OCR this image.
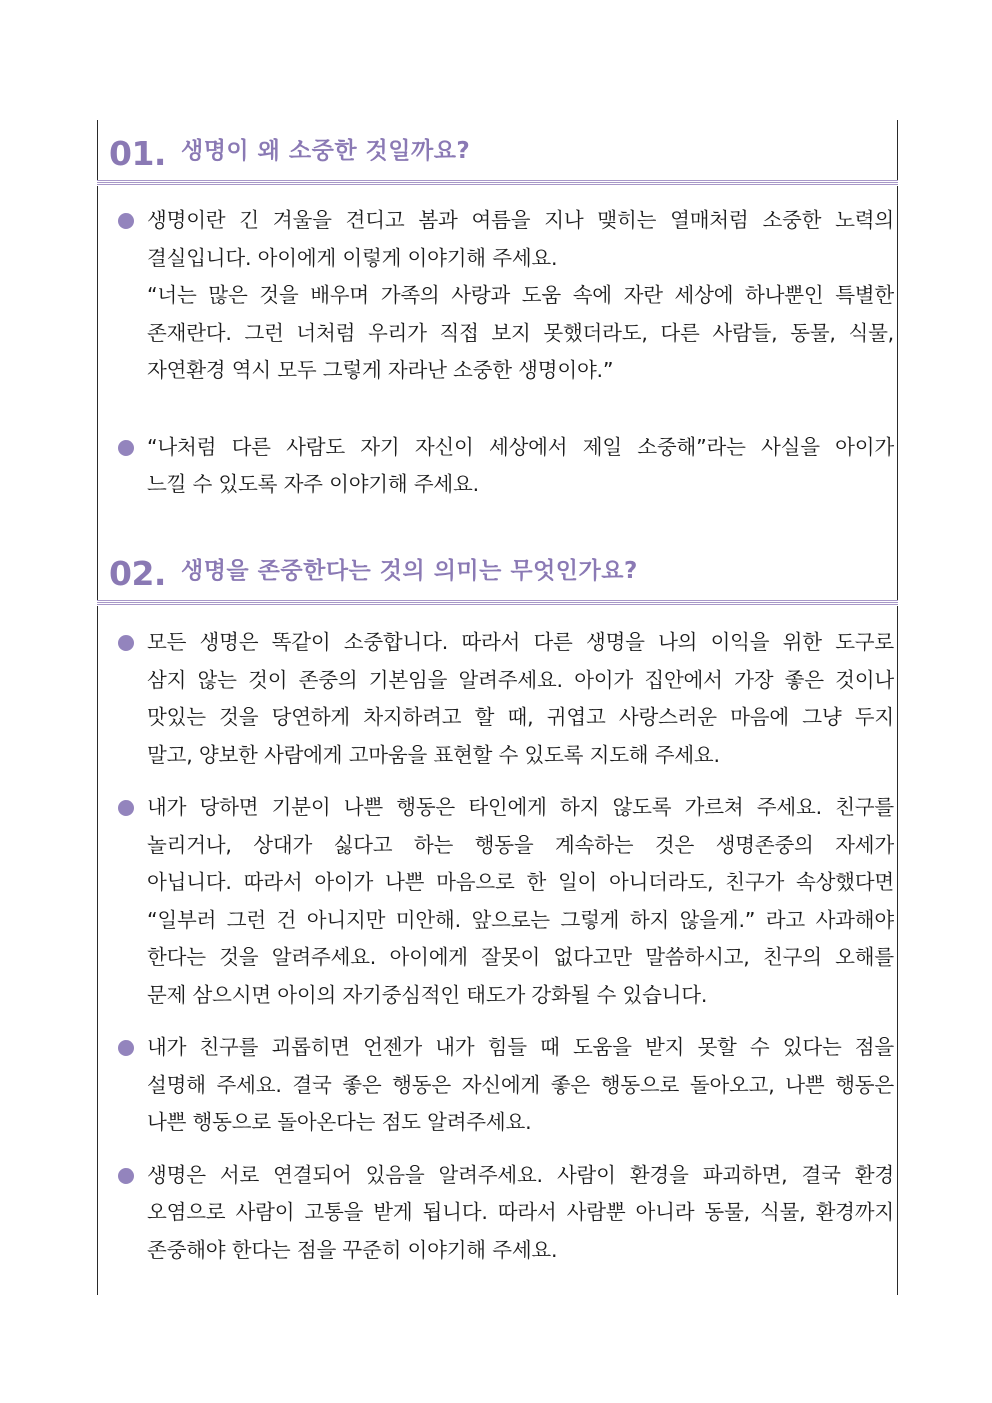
01. 생명이 왜 소중한 것일까요?
생명이란 긴 겨울을 견디고 봄과 여름을 지나 맺히는 열매처럼 소중한 노력의
결실입니다. 아이에게 이렇게 이야기해 주세요.
“너는 많은 것을 배우며 가족의 사랑과 도움 속에 자란 세상에 하나뿐인 특별한
존재란다. 그런 너처럼 우리가 직접 보지 못했더라도, 다른 사람들, 동물, 식물,
자연환경 역시 모두 그렇게 자라난 소중한 생명이야.”
“나처럼 다른 사람도 자기 자신이 세상에서 제일 소중해”라는 사실을 아이가
느낄 수 있도록 자주 이야기해 주세요.
02. 생명을 존중한다는 것의 의미는 무엇인가요?
모든 생명은 똑같이 소중합니다. 따라서 다른 생명을 나의 이익을 위한 도구로
삼지 않는 것이 존중의 기본임을 알려주세요. 아이가 집안에서 가장 좋은 것이나
맛있는 것을 당연하게 차지하려고 할 때, 귀엽고 사랑스러운 마음에 그냥 두지
말고, 양보한 사람에게 고마움을 표현할 수 있도록 지도해 주세요.
내가 당하면 기분이 나쁜 행동은 타인에게 하지 않도록 가르쳐 주세요. 친구를
놀리거나, 상대가 싫다고 하는 행동을 계속하는 것은 생명존중의 자세가
아닙니다. 따라서 아이가 나쁜 마음으로 한 일이 아니더라도, 친구가 속상했다면
“일부러 그런 건 아니지만 미안해. 앞으로는 그렇게 하지 않을게.” 라고 사과해야
한다는 것을 알려주세요. 아이에게 잘못이 없다고만 말씀하시고, 친구의 오해를
문제 삼으시면 아이의 자기중심적인 태도가 강화될 수 있습니다.
내가 친구를 괴롭히면 언젠가 내가 힘들 때 도움을 받지 못할 수 있다는 점을
설명해 주세요. 결국 좋은 행동은 자신에게 좋은 행동으로 돌아오고, 나쁜 행동은
나쁜 행동으로 돌아온다는 점도 알려주세요.
생명은 서로 연결되어 있음을 알려주세요. 사람이 환경을 파괴하면, 결국 환경
오염으로 사람이 고통을 받게 됩니다. 따라서 사람뿐 아니라 동물, 식물, 환경까지
존중해야 한다는 점을 꾸준히 이야기해 주세요.
